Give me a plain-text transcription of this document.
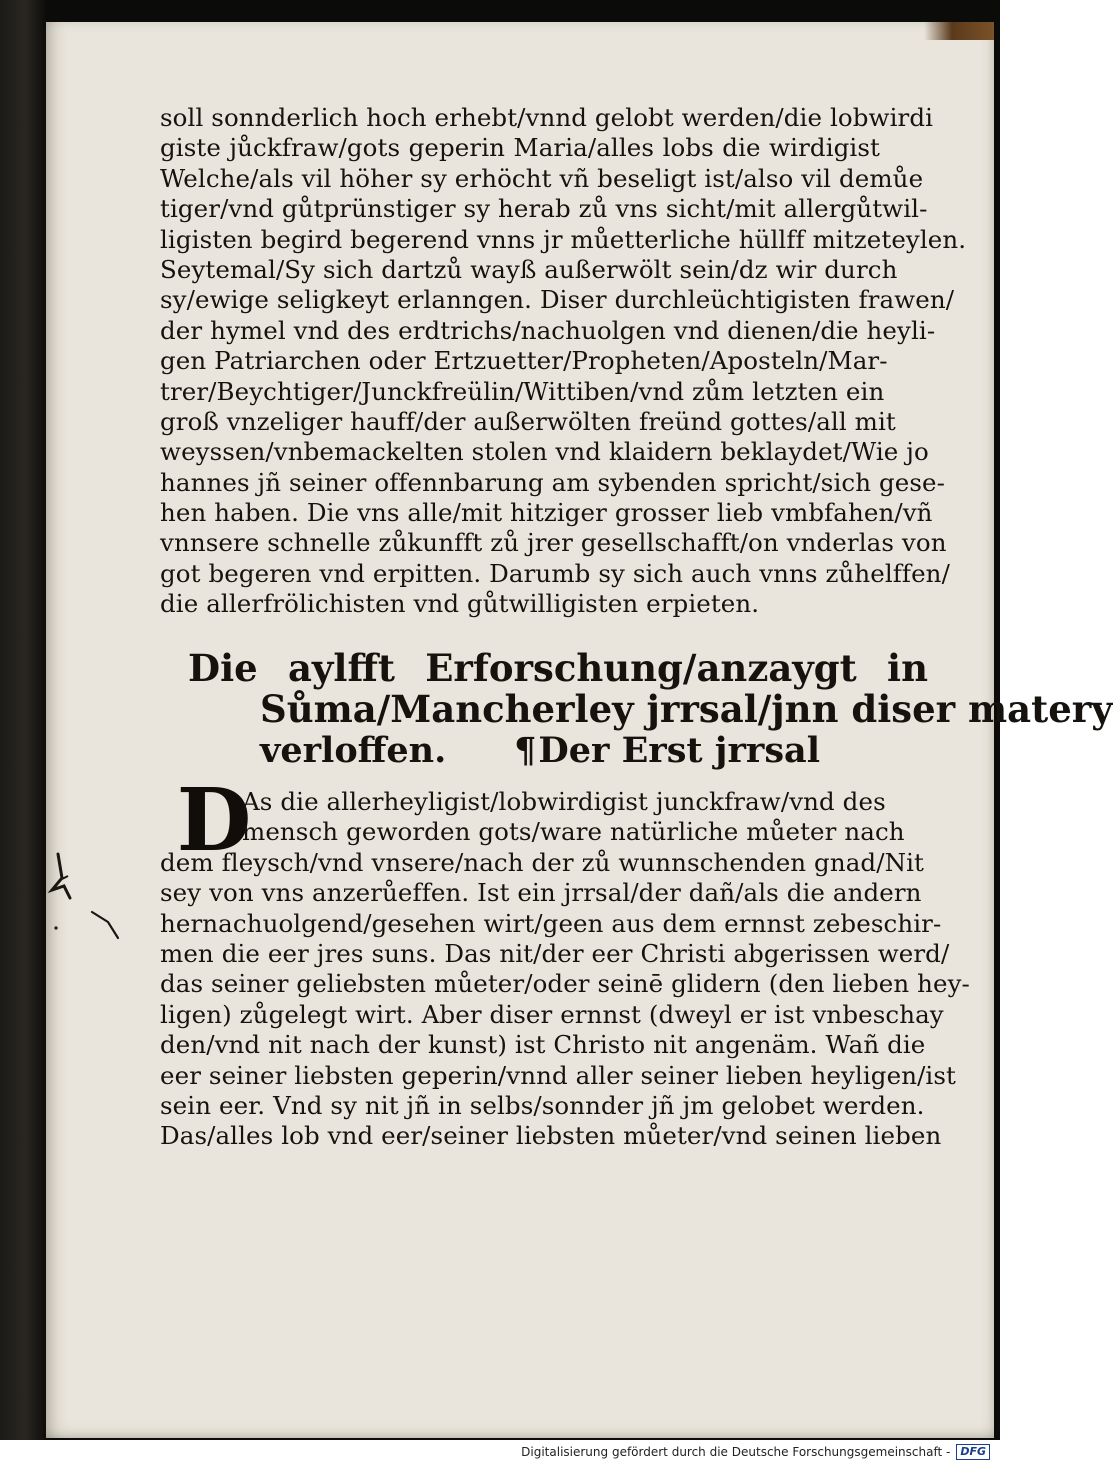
soll sonnderlich hoch erhebt/vnnd gelobt werden/die lobwirdi
giste jůckfraw/gots geperin Maria/alles lobs die wirdigist
Welche/als vil höher sy erhöcht vñ beseligt ist/also vil demůe
tiger/vnd gůtprünstiger sy herab zů vns sicht/mit allergůtwil-
ligisten begird begerend vnns jr můetterliche hüllff mitzeteylen.
Seytemal/Sy sich dartzů wayß außerwölt sein/dz wir durch
sy/ewige seligkeyt erlanngen. Diser durchleüchtigisten frawen/
der hymel vnd des erdtrichs/nachuolgen vnd dienen/die heyli-
gen Patriarchen oder Ertzuetter/Propheten/Aposteln/Mar-
trer/Beychtiger/Junckfreülin/Wittiben/vnd zům letzten ein
groß vnzeliger hauff/der außerwölten freünd gottes/all mit
weyssen/vnbemackelten stolen vnd klaidern beklaydet/Wie jo
hannes jñ seiner offennbarung am sybenden spricht/sich gese-
hen haben. Die vns alle/mit hitziger grosser lieb vmbfahen/vñ
vnnsere schnelle zůkunfft zů jrer gesellschafft/on vnderlas von
got begeren vnd erpitten. Darumb sy sich auch vnns zůhelffen/
die allerfrölichisten vnd gůtwilligisten erpieten.
Die aylfft Erforschung/anzaygt in
Sůma/Mancherley jrrsal/jnn diser matery
verloffen. ¶Der Erst jrrsal
D
As die allerheyligist/lobwirdigist junckfraw/vnd des
mensch geworden gots/ware natürliche můeter nach
dem fleysch/vnd vnsere/nach der zů wunnschenden gnad/Nit
sey von vns anzerůeffen. Ist ein jrrsal/der dañ/als die andern
hernachuolgend/gesehen wirt/geen aus dem ernnst zebeschir-
men die eer jres suns. Das nit/der eer Christi abgerissen werd/
das seiner geliebsten můeter/oder seinē glidern (den lieben hey-
ligen) zůgelegt wirt. Aber diser ernnst (dweyl er ist vnbeschay
den/vnd nit nach der kunst) ist Christo nit angenäm. Wañ die
eer seiner liebsten geperin/vnnd aller seiner lieben heyligen/ist
sein eer. Vnd sy nit jñ in selbs/sonnder jñ jm gelobet werden.
Das/alles lob vnd eer/seiner liebsten můeter/vnd seinen lieben
Digitalisierung gefördert durch die Deutsche Forschungsgemeinschaft - DFG
